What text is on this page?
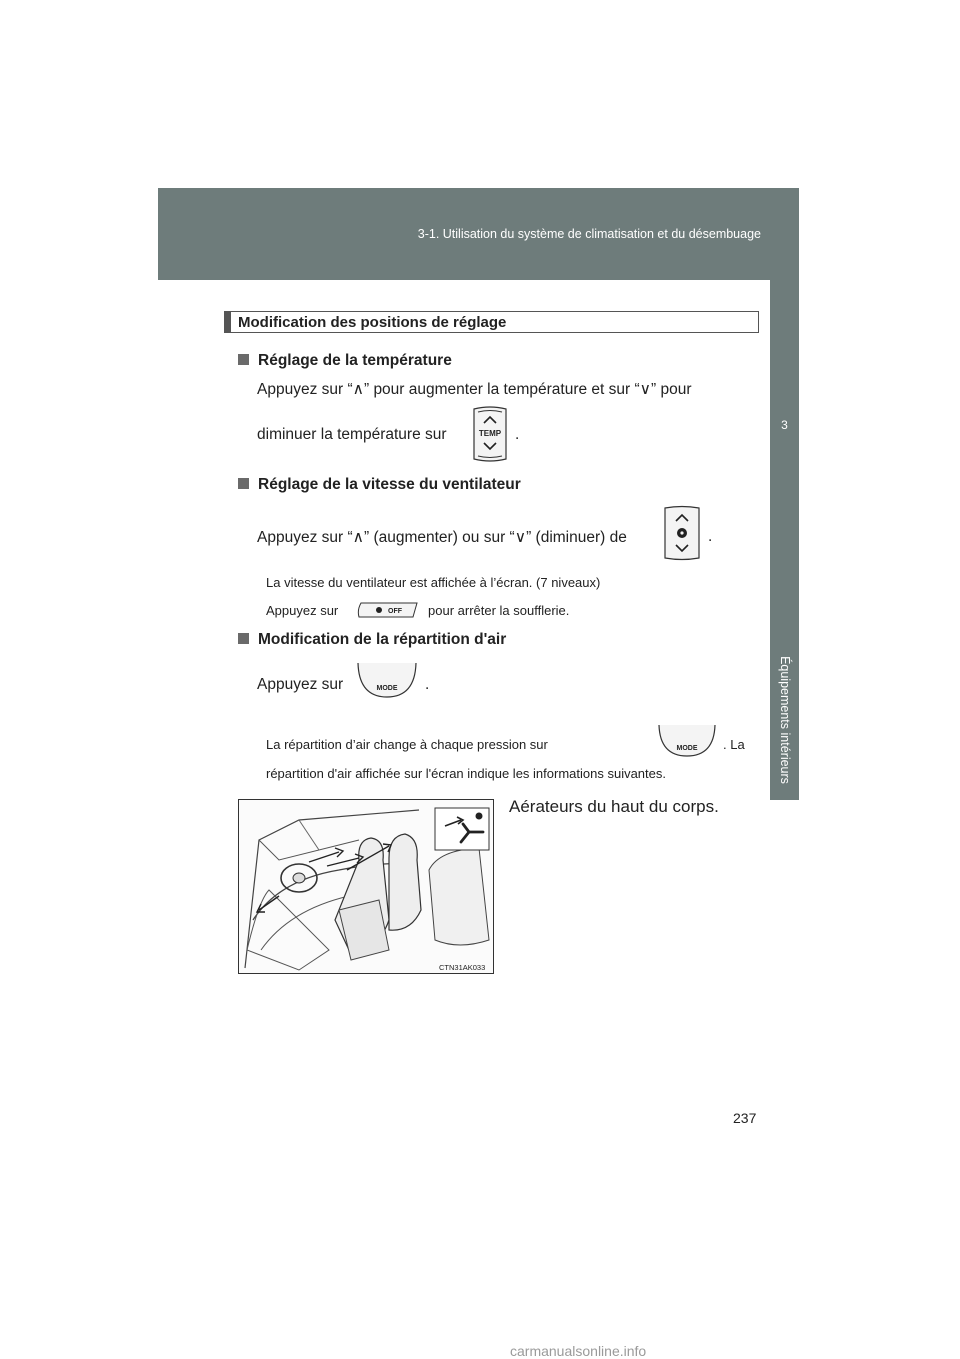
3-1. Utilisation du système de climatisation et du désembuage
3
Équipements intérieurs
Modification des positions de réglage
Réglage de la température
Appuyez sur “∧” pour augmenter la température et sur “∨” pour
diminuer la température sur	TEMP .
Réglage de la vitesse du ventilateur
Appuyez sur “∧” (augmenter) ou sur “∨” (diminuer) de	.
La vitesse du ventilateur est affichée à l’écran. (7 niveaux)
Appuyez sur	OFF pour arrêter la soufflerie.
Modification de la répartition d'air
Appuyez sur	MODE .
La répartition d’air change à chaque pression sur	MODE . La
répartition d'air affichée sur l'écran indique les informations suivantes.
CTN31AK033
Aérateurs du haut du corps.
237
carmanualsonline.info
